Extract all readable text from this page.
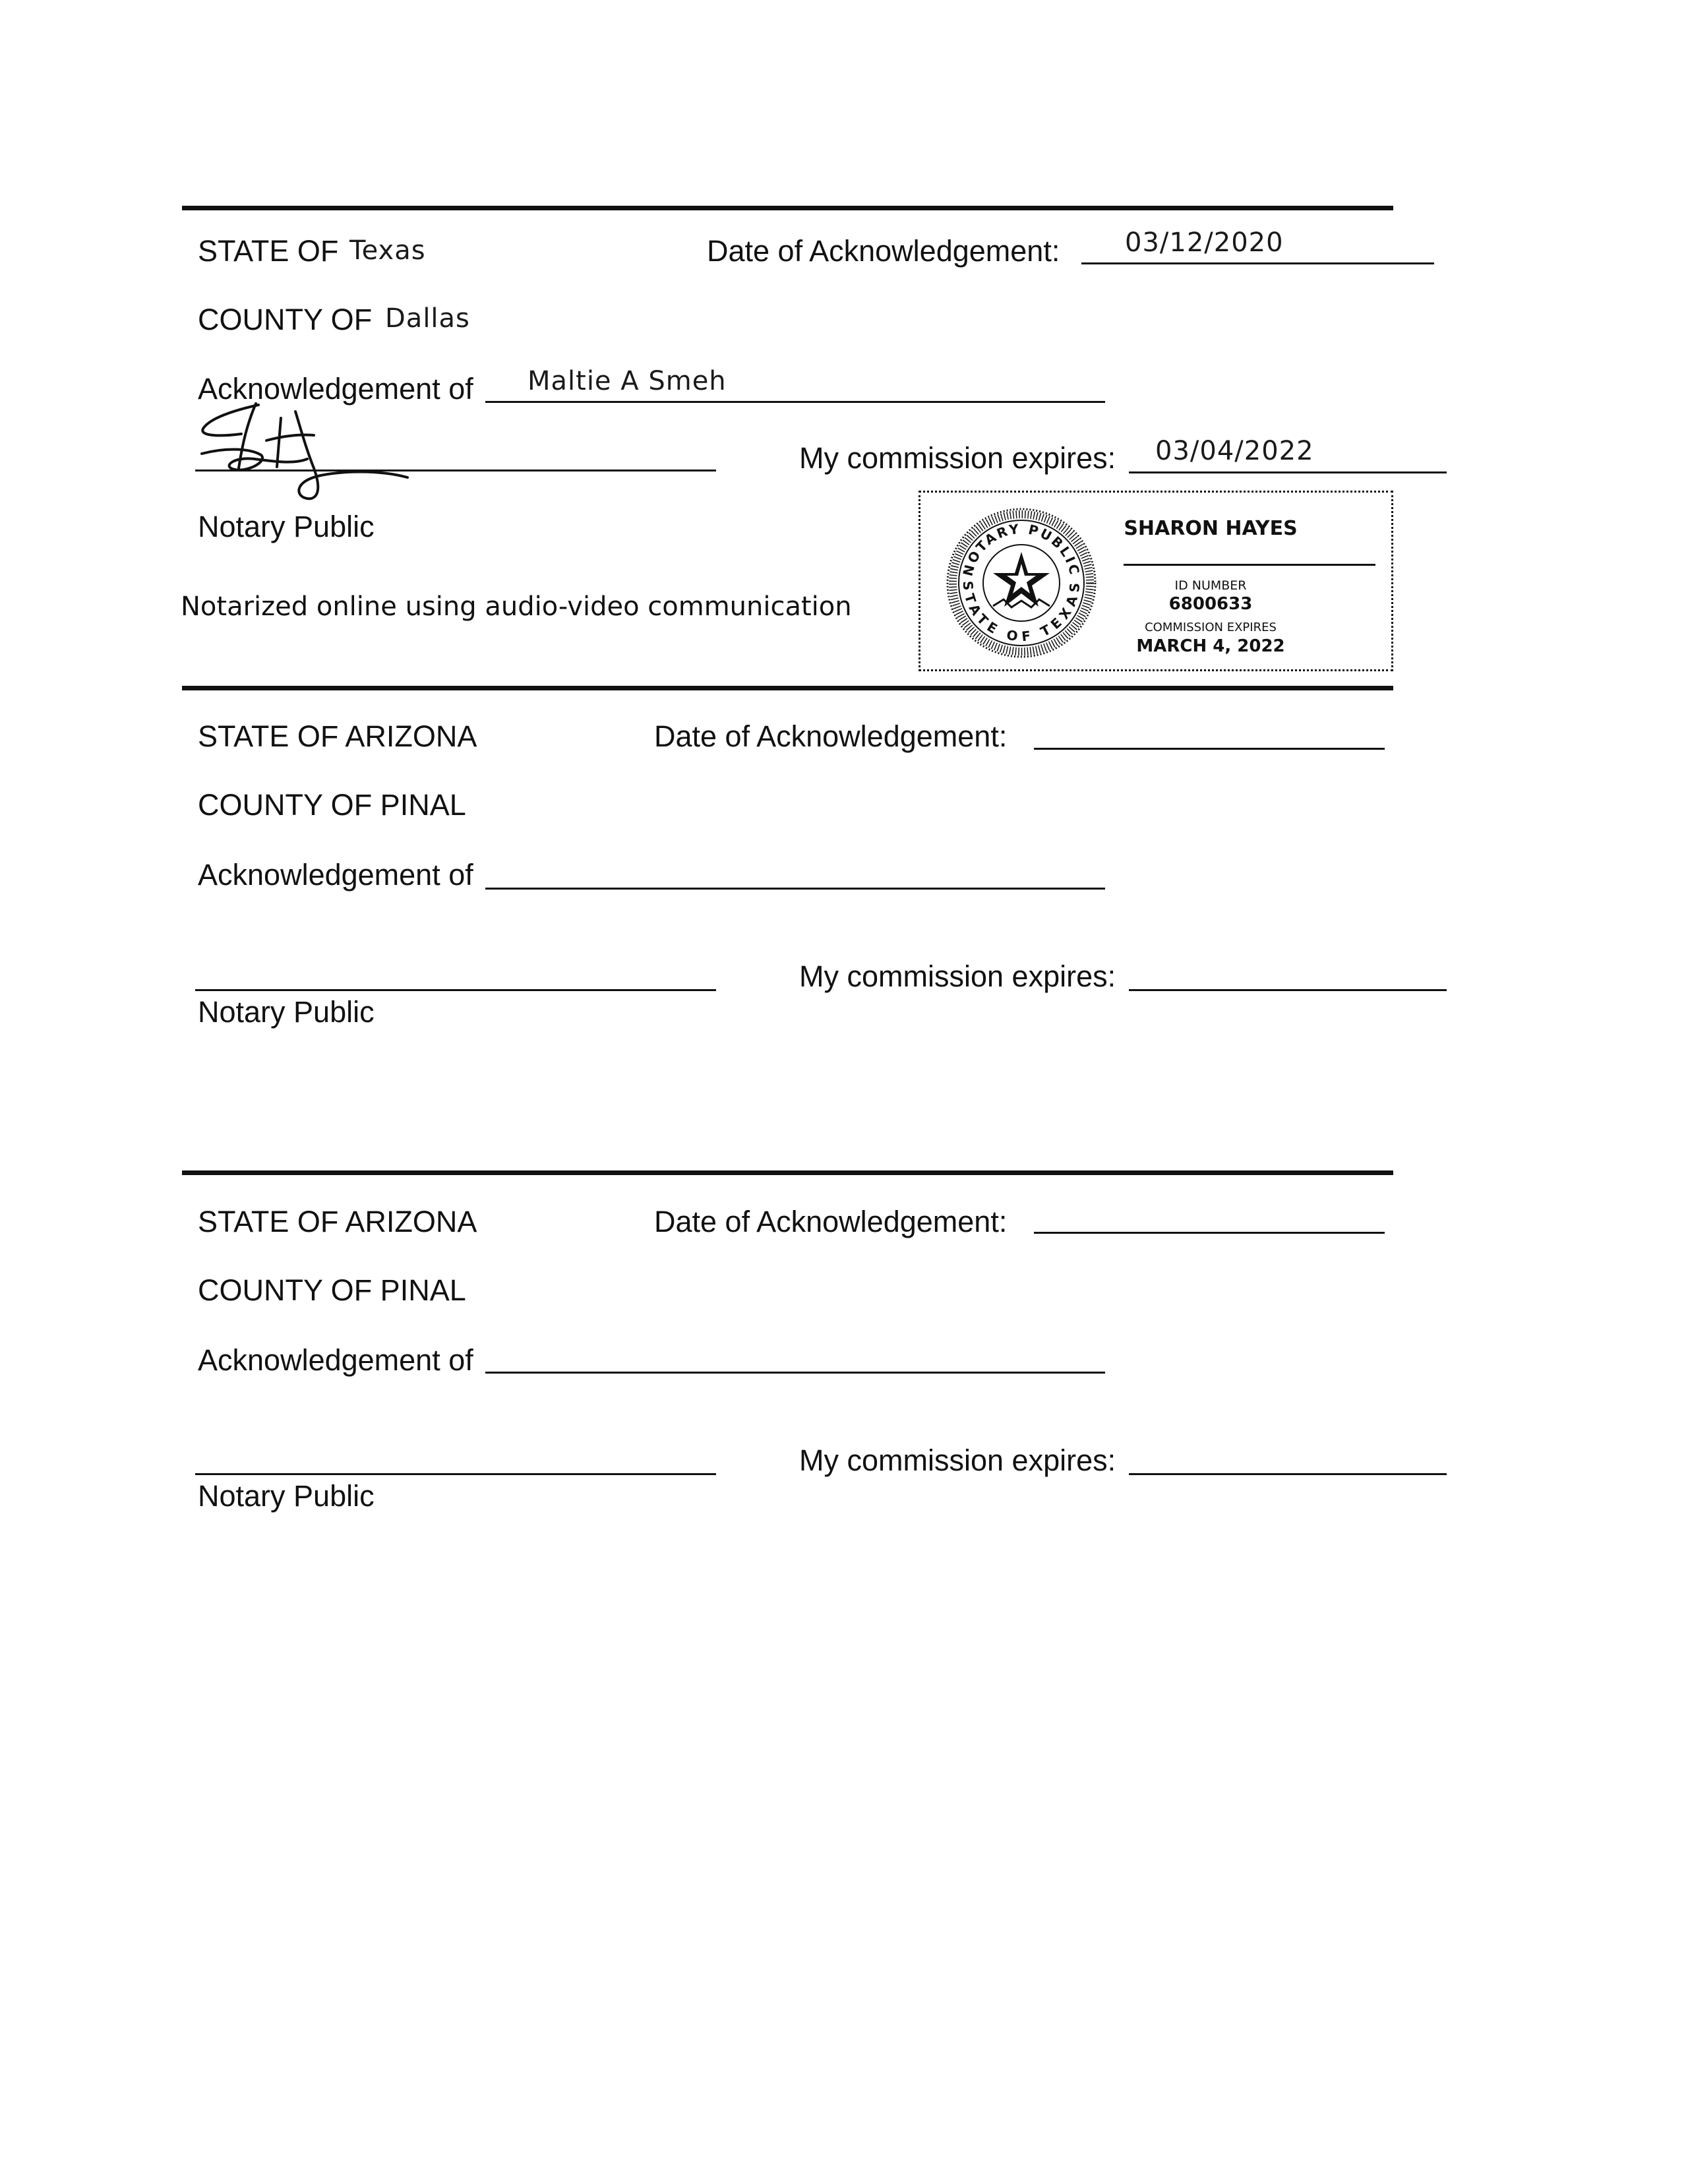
STATE OF Texas	Date of Acknowledgement: 03/12/2020
COUNTY OF Dallas
Acknowledgement of Maltie A Smeh
My commission expires: 03/04/2022
Notary Public
Notarized online using audio-video communication
NOTARY PUBLIC
STATE OF TEXAS
SHARON HAYES
ID NUMBER
6800633
COMMISSION EXPIRES
MARCH 4, 2022
STATE OF ARIZONA	Date of Acknowledgement:
COUNTY OF PINAL
Acknowledgement of
My commission expires:
Notary Public
STATE OF ARIZONA	Date of Acknowledgement:
COUNTY OF PINAL
Acknowledgement of
My commission expires:
Notary Public
